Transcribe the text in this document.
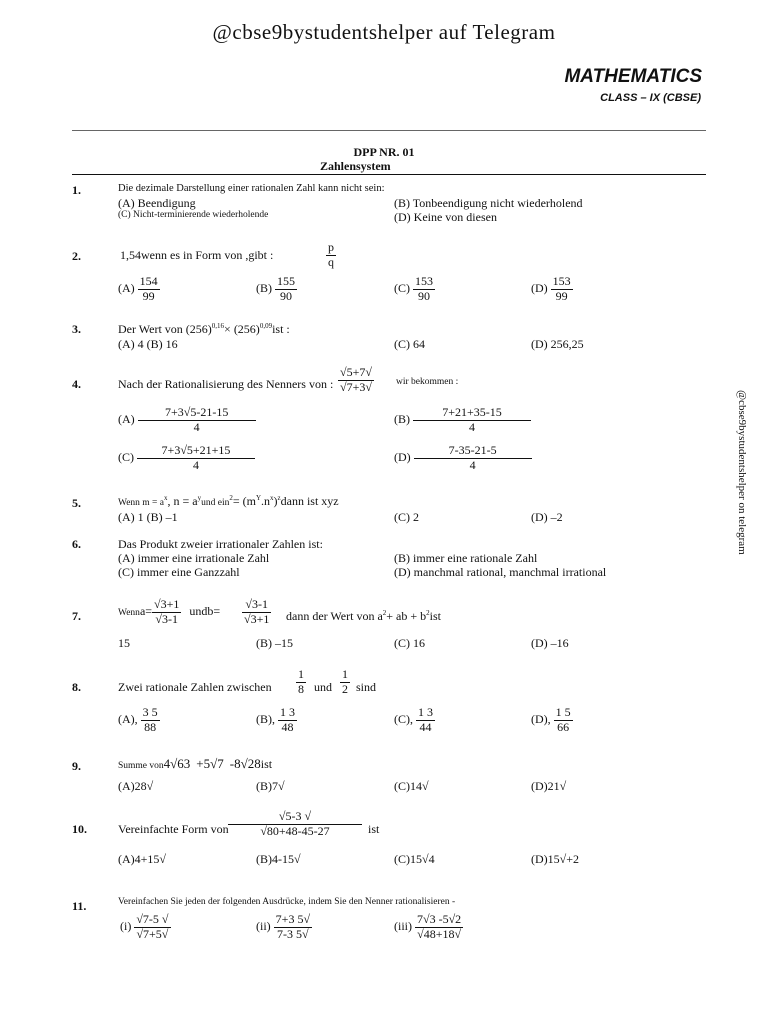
@cbse9bystudentshelper auf Telegram
MATHEMATICS
CLASS – IX (CBSE)
DPP NR. 01
Zahlensystem
@cbse9bystudentshelper on telegram
1.	Die dezimale Darstellung einer rationalen Zahl kann nicht sein:
(A) Beendigung	(B) Tonbeendigung nicht wiederholend
(C) Nicht-terminierende wiederholende	(D) Keine von diesen
2.	1,54wenn es in Form von ,gibt :	$\frac{p}{q}$
$(A) \frac{154}{99}$	$(B) \frac{155}{90}$	$(C) \frac{153}{90}$	$(D) \frac{153}{99}$
3.	Der Wert von $(256)^{0,16}\times (256)^{0,09}ist$ :
(A) 4 (B) 16	(C) 64	(D) 256,25
4.	Nach der Rationalisierung des Nenners von : $\frac{√5+7√}{√7+3√}$ wir bekommen :
$(A) \frac{7+3√5-21-15}{4}$	$(B) \frac{7+21+35-15}{4}$
$(C) \frac{7+3√5+21+15}{4}$	$(D) \frac{7-35-21-5}{4}$
5.	Wenn $m = a^x$, $n = a^yund$ $ein^2= (m^Y.n^x)^zdann$ ist xyz
(A) 1 (B) –1	(C) 2	(D) –2
6.	Das Produkt zweier irrationaler Zahlen ist:
(A) immer eine irrationale Zahl	(B) immer eine rationale Zahl
(C) immer eine Ganzzahl	(D) manchmal rational, manchmal irrational
7.	Wenna= $\frac{√3+1}{√3-1}$ undb= $\frac{√3-1}{√3+1}$ dann der Wert von $a^2+$ ab + $b^2ist$
15	(B) –15	(C) 16	(D) –16
8.	Zwei rationale Zahlen zwischen $\frac{1}{8}$ und $\frac{1}{2}$ sind
(A), $\frac{3 5}{88}$	(B), $\frac{1 3}{48}$	(C), $\frac{1 3}{44}$	(D), $\frac{1 5}{66}$
9.	Summe von4√63 +5√7 -8√28ist
(A)28√	(B)7√	(C)14√	(D)21√
10.	Vereinfachte Form von $\frac{√5-3 √}{√80+48-45-27}$ ist
(A)4+15√	(B)4-15√	(C)15√4	(D)15√+2
11.	Vereinfachen Sie jeden der folgenden Ausdrücke, indem Sie den Nenner rationalisieren -
$(i) \frac{√7-5 √}{√7+5√}$	$(ii) \frac{7+3 5√}{7-3 5√}$	$(iii) \frac{7√3 -5√2}{√48+18√}$
